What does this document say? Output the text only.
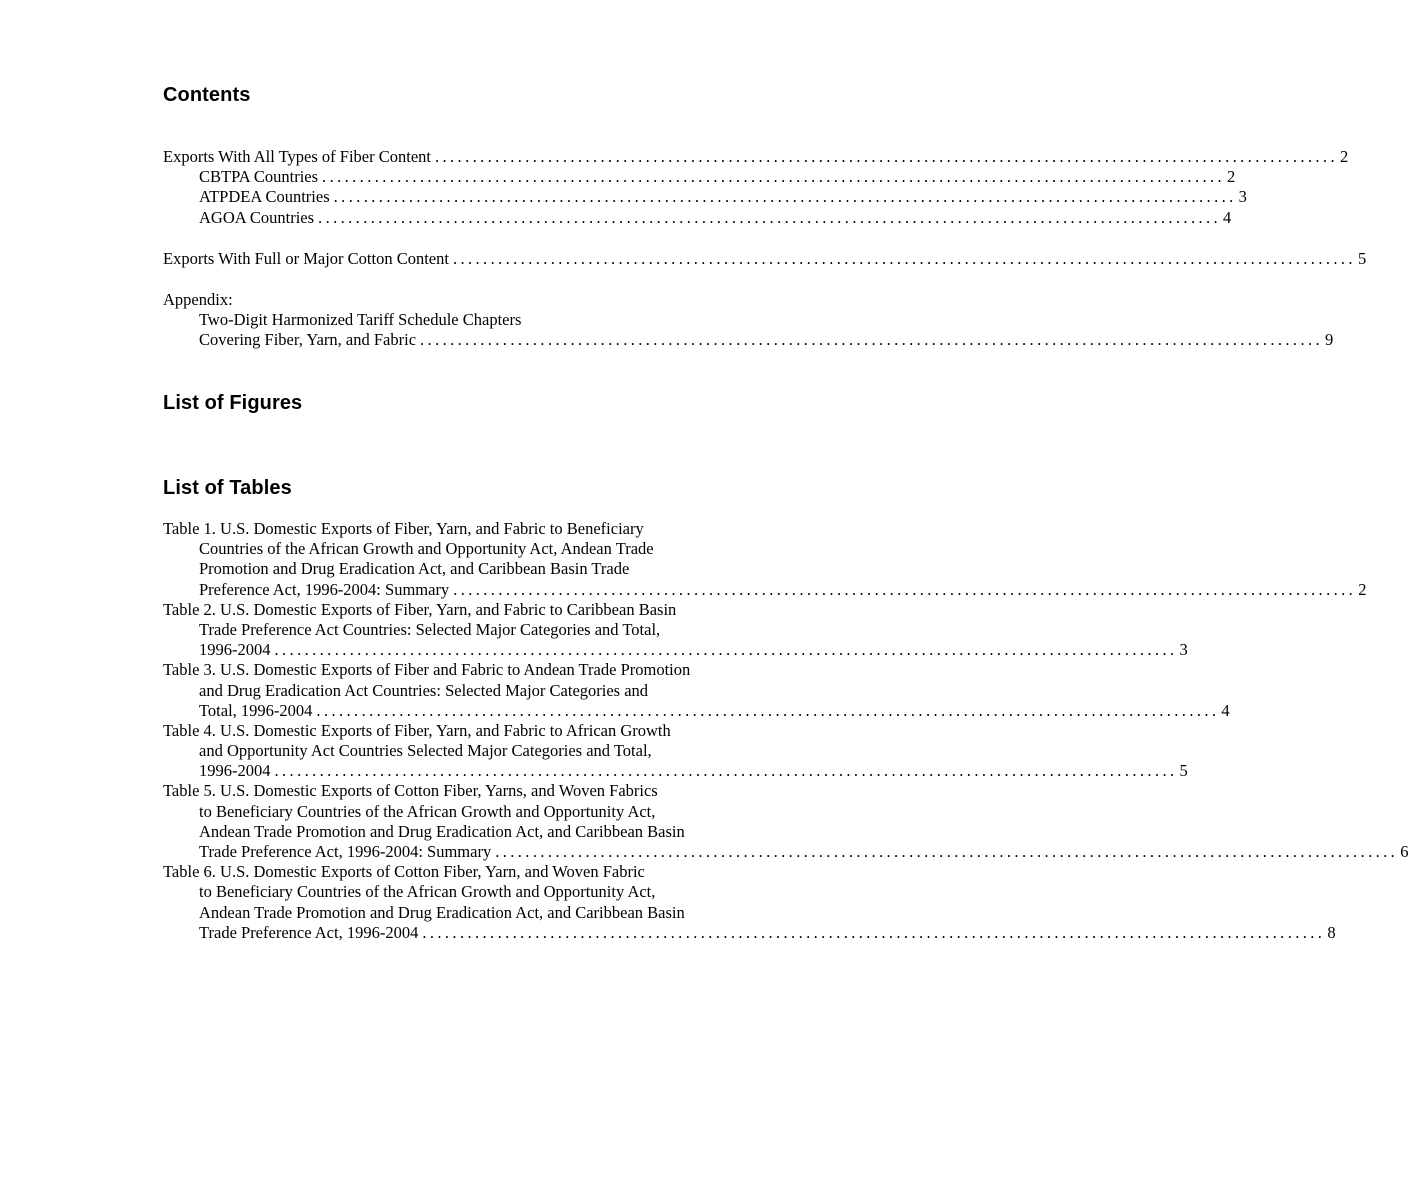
Contents
Exports With All Types of Fiber Content ........................................................................................................................ 2
CBTPA Countries ........................................................................................................................ 2
ATPDEA Countries ........................................................................................................................ 3
AGOA Countries ........................................................................................................................ 4
Exports With Full or Major Cotton Content ........................................................................................................................ 5
Appendix:
Two-Digit Harmonized Tariff Schedule Chapters
Covering Fiber, Yarn, and Fabric ........................................................................................................................ 9
List of Figures
List of Tables
Table 1. U.S. Domestic Exports of Fiber, Yarn, and Fabric to Beneficiary
Countries of the African Growth and Opportunity Act, Andean Trade
Promotion and Drug Eradication Act, and Caribbean Basin Trade
Preference Act, 1996-2004: Summary ........................................................................................................................ 2
Table 2. U.S. Domestic Exports of Fiber, Yarn, and Fabric to Caribbean Basin
Trade Preference Act Countries: Selected Major Categories and Total,
1996-2004 ........................................................................................................................ 3
Table 3. U.S. Domestic Exports of Fiber and Fabric to Andean Trade Promotion
and Drug Eradication Act Countries: Selected Major Categories and
Total, 1996-2004 ........................................................................................................................ 4
Table 4. U.S. Domestic Exports of Fiber, Yarn, and Fabric to African Growth
and Opportunity Act Countries Selected Major Categories and Total,
1996-2004 ........................................................................................................................ 5
Table 5. U.S. Domestic Exports of Cotton Fiber, Yarns, and Woven Fabrics
to Beneficiary Countries of the African Growth and Opportunity Act,
Andean Trade Promotion and Drug Eradication Act, and Caribbean Basin
Trade Preference Act, 1996-2004: Summary ........................................................................................................................ 6
Table 6. U.S. Domestic Exports of Cotton Fiber, Yarn, and Woven Fabric
to Beneficiary Countries of the African Growth and Opportunity Act,
Andean Trade Promotion and Drug Eradication Act, and Caribbean Basin
Trade Preference Act, 1996-2004 ........................................................................................................................ 8
